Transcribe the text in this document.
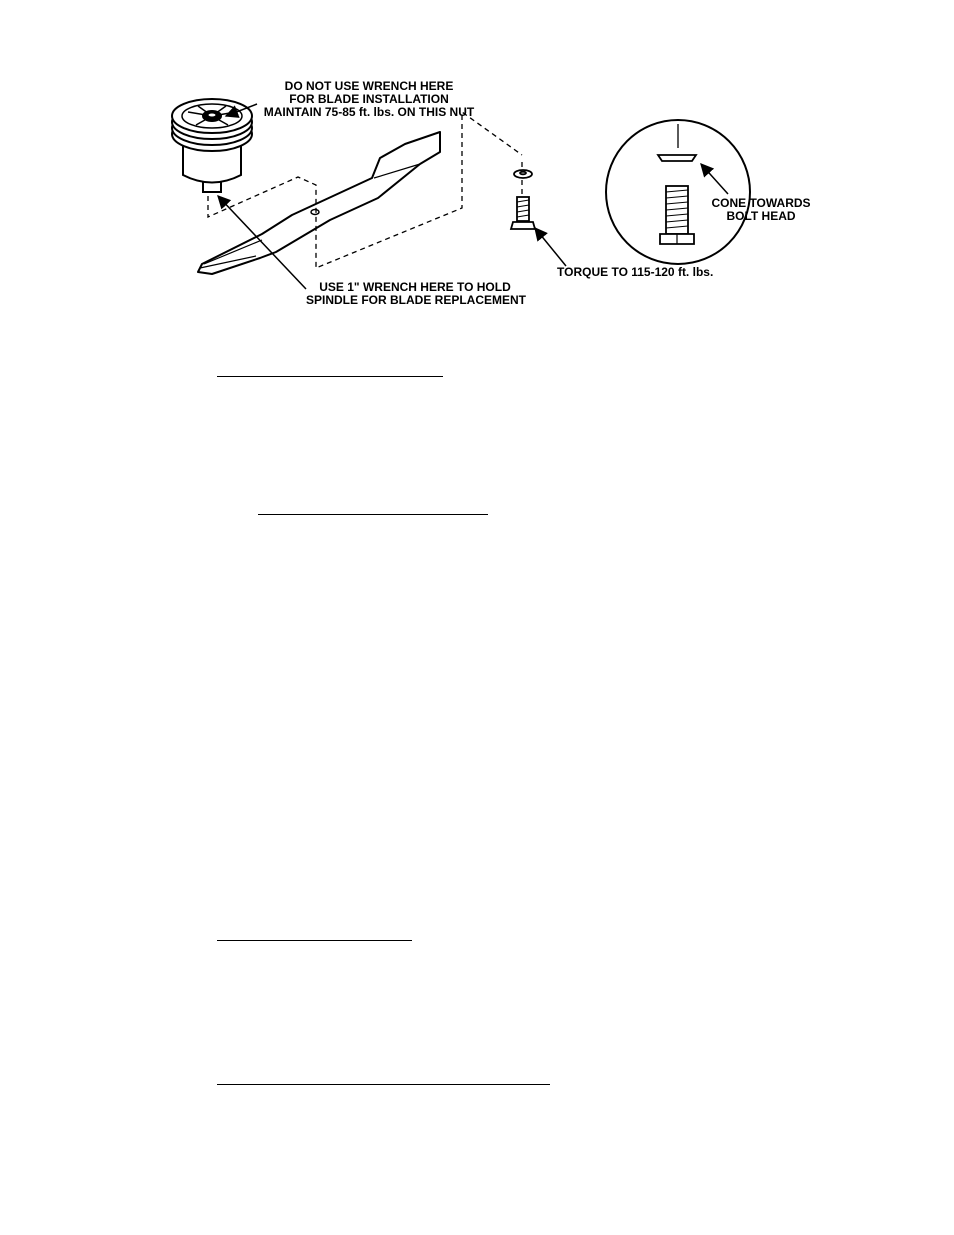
DO NOT USE WRENCH HERE
FOR BLADE INSTALLATION
MAINTAIN 75-85 ft. lbs. ON THIS NUT
USE 1" WRENCH HERE TO HOLD
SPINDLE FOR BLADE REPLACEMENT
TORQUE TO 115-120 ft. lbs.
CONE TOWARDS
BOLT HEAD
